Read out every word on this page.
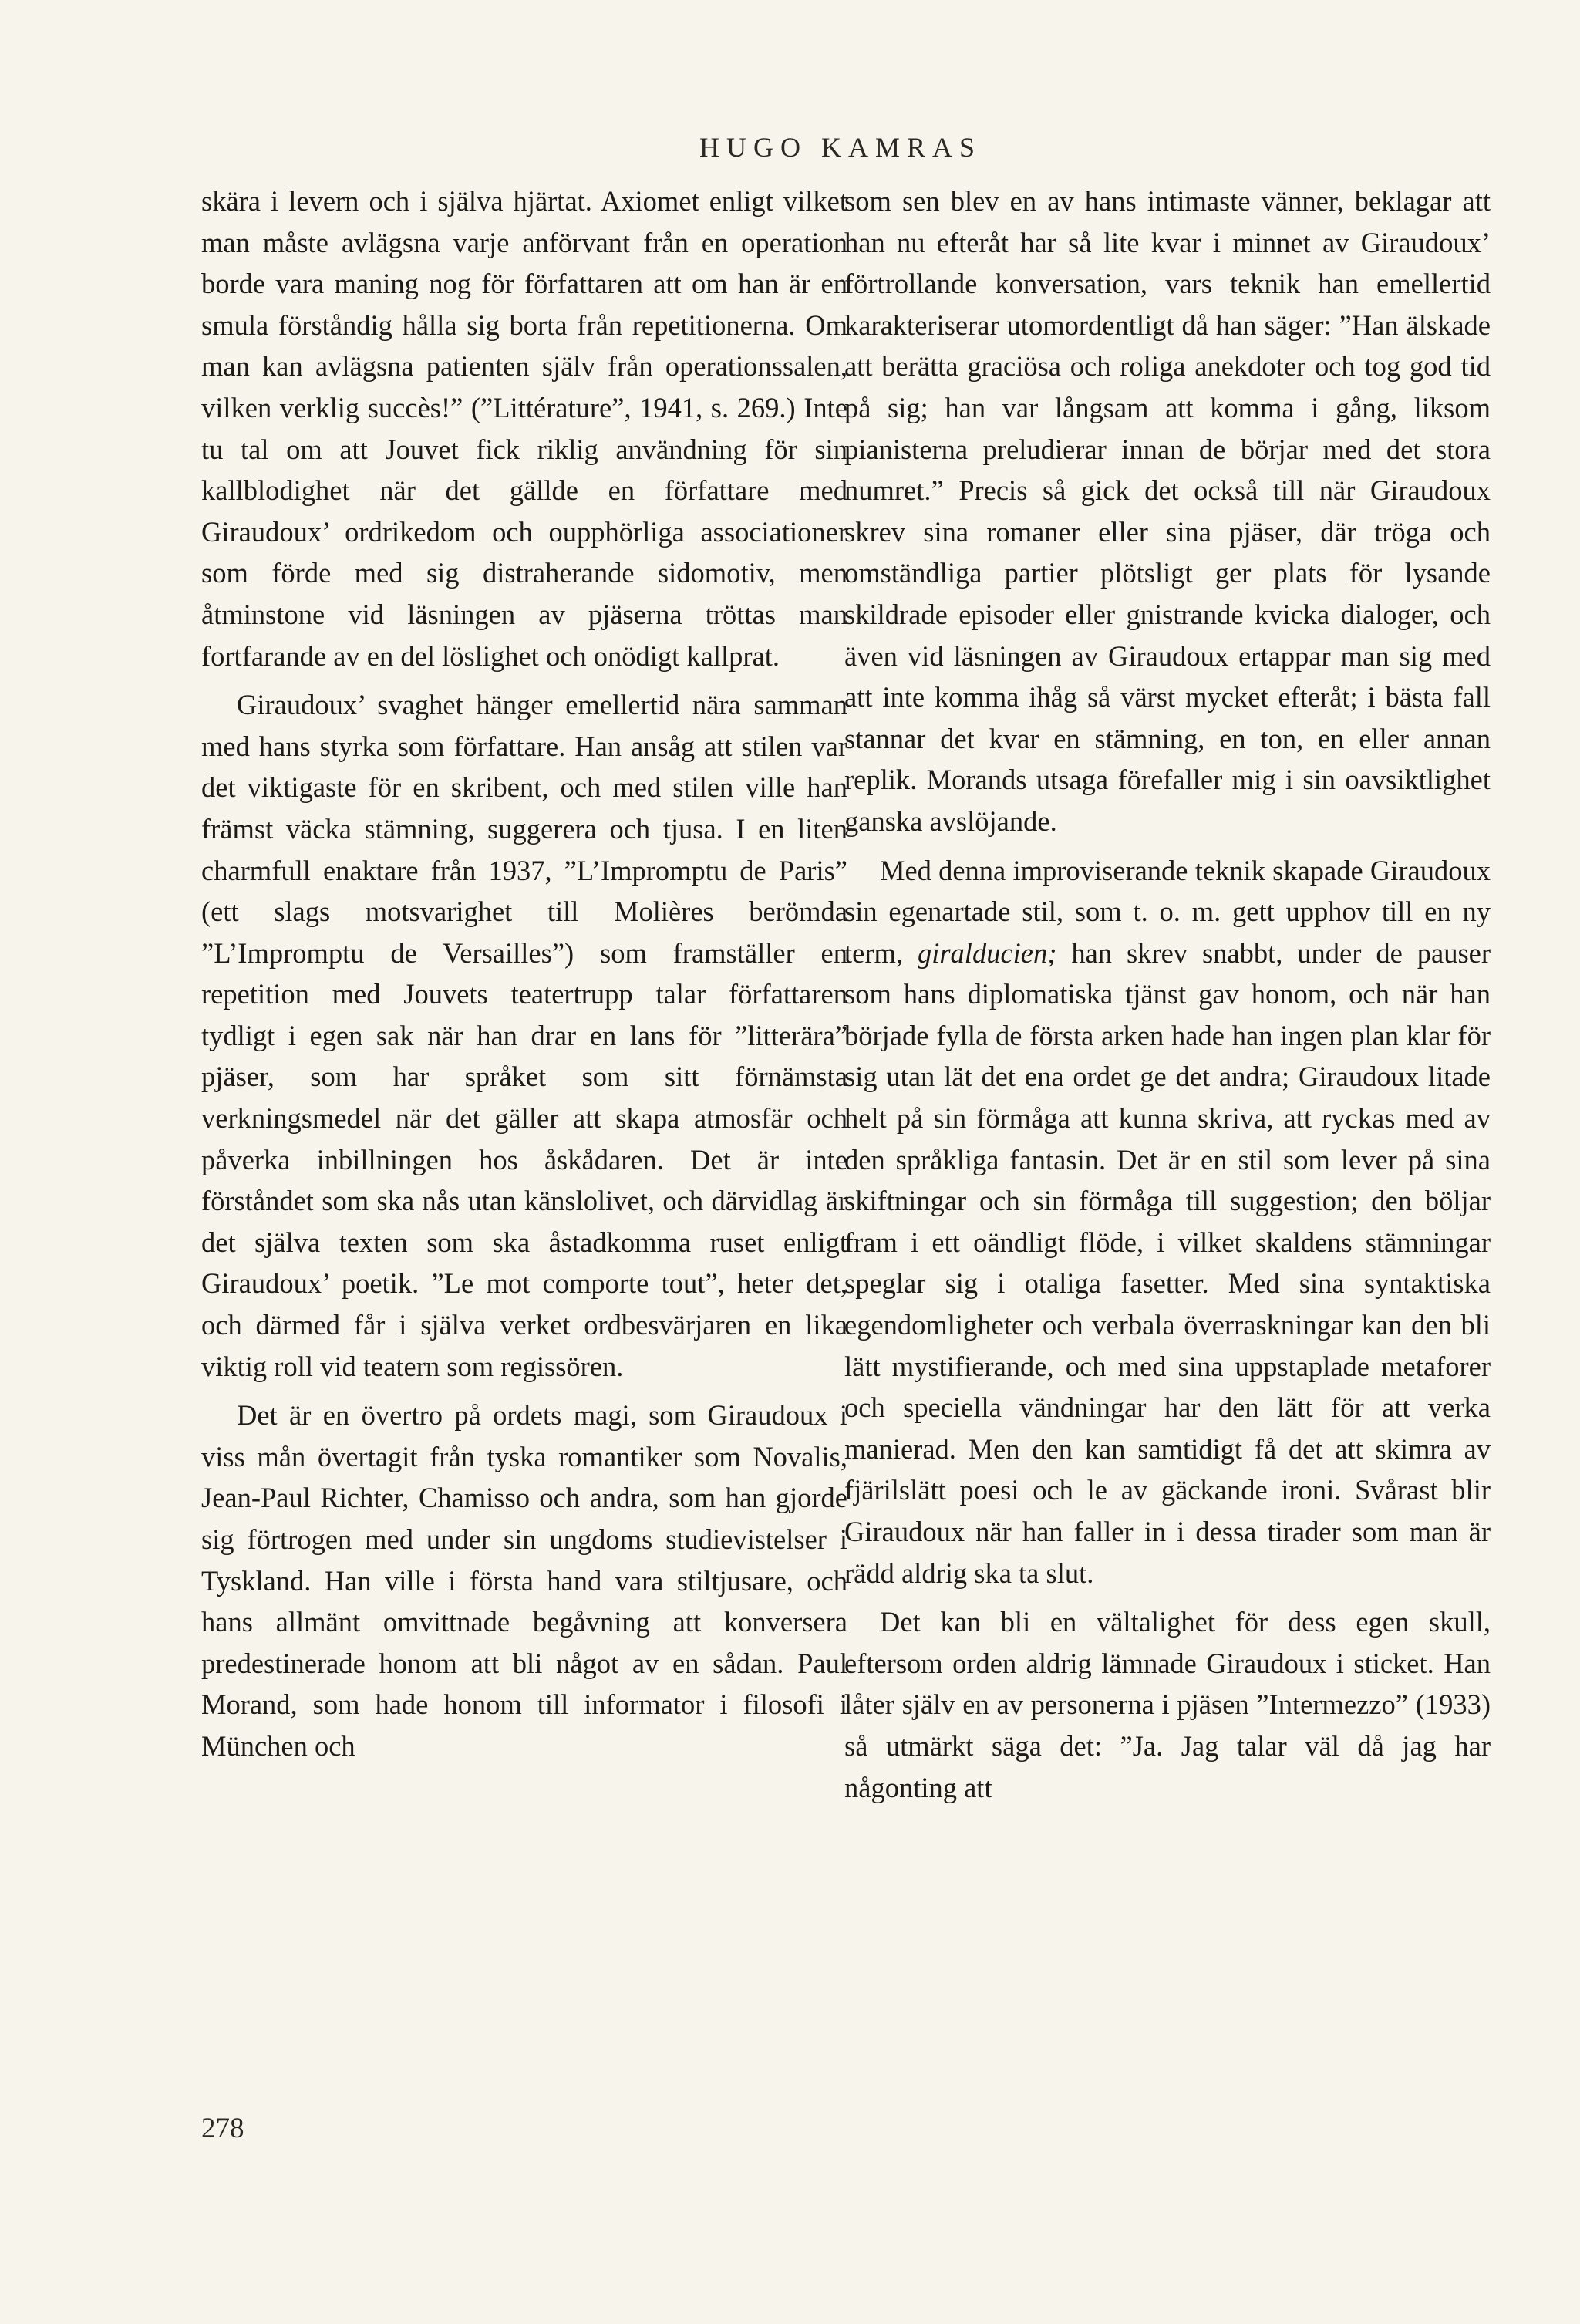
HUGO KAMRAS

skära i levern och i själva hjärtat. Axiomet enligt vilket man måste avlägsna varje anförvant från en operation borde vara maning nog för författaren att om han är en smula förståndig hålla sig borta från repetitionerna. Om man kan avlägsna patienten själv från operationssalen, vilken verklig succès!” (”Littérature”, 1941, s. 269.) Inte tu tal om att Jouvet fick riklig användning för sin kallblodighet när det gällde en författare med Giraudoux’ ordrikedom och oupphörliga associationer som förde med sig distraherande sidomotiv, men åtminstone vid läsningen av pjäserna tröttas man fortfarande av en del löslighet och onödigt kallprat.

Giraudoux’ svaghet hänger emellertid nära samman med hans styrka som författare. Han ansåg att stilen var det viktigaste för en skribent, och med stilen ville han främst väcka stämning, suggerera och tjusa. I en liten charmfull enaktare från 1937, ”L’Impromptu de Paris” (ett slags motsvarighet till Molières berömda ”L’Impromptu de Versailles”) som framställer en repetition med Jouvets teatertrupp talar författaren tydligt i egen sak när han drar en lans för ”litterära” pjäser, som har språket som sitt förnämsta verkningsmedel när det gäller att skapa atmosfär och påverka inbillningen hos åskådaren. Det är inte förståndet som ska nås utan känslolivet, och därvidlag är det själva texten som ska åstadkomma ruset enligt Giraudoux’ poetik. ”Le mot comporte tout”, heter det, och därmed får i själva verket ordbesvärjaren en lika viktig roll vid teatern som regissören.

Det är en övertro på ordets magi, som Giraudoux i viss mån övertagit från tyska romantiker som Novalis, Jean-Paul Richter, Chamisso och andra, som han gjorde sig förtrogen med under sin ungdoms studievistelser i Tyskland. Han ville i första hand vara stiltjusare, och hans allmänt omvittnade begåvning att konversera predestinerade honom att bli något av en sådan. Paul Morand, som hade honom till informator i filosofi i München och

som sen blev en av hans intimaste vänner, beklagar att han nu efteråt har så lite kvar i minnet av Giraudoux’ förtrollande konversation, vars teknik han emellertid karakteriserar utomordentligt då han säger: ”Han älskade att berätta graciösa och roliga anekdoter och tog god tid på sig; han var långsam att komma i gång, liksom pianisterna preludierar innan de börjar med det stora numret.” Precis så gick det också till när Giraudoux skrev sina romaner eller sina pjäser, där tröga och omständliga partier plötsligt ger plats för lysande skildrade episoder eller gnistrande kvicka dialoger, och även vid läsningen av Giraudoux ertappar man sig med att inte komma ihåg så värst mycket efteråt; i bästa fall stannar det kvar en stämning, en ton, en eller annan replik. Morands utsaga förefaller mig i sin oavsiktlighet ganska avslöjande.

Med denna improviserande teknik skapade Giraudoux sin egenartade stil, som t. o. m. gett upphov till en ny term, giralducien; han skrev snabbt, under de pauser som hans diplomatiska tjänst gav honom, och när han började fylla de första arken hade han ingen plan klar för sig utan lät det ena ordet ge det andra; Giraudoux litade helt på sin förmåga att kunna skriva, att ryckas med av den språkliga fantasin. Det är en stil som lever på sina skiftningar och sin förmåga till suggestion; den böljar fram i ett oändligt flöde, i vilket skaldens stämningar speglar sig i otaliga fasetter. Med sina syntaktiska egendomligheter och verbala överraskningar kan den bli lätt mystifierande, och med sina uppstaplade metaforer och speciella vändningar har den lätt för att verka manierad. Men den kan samtidigt få det att skimra av fjärilslätt poesi och le av gäckande ironi. Svårast blir Giraudoux när han faller in i dessa tirader som man är rädd aldrig ska ta slut.

Det kan bli en vältalighet för dess egen skull, eftersom orden aldrig lämnade Giraudoux i sticket. Han låter själv en av personerna i pjäsen ”Intermezzo” (1933) så utmärkt säga det: ”Ja. Jag talar väl då jag har någonting att

278
